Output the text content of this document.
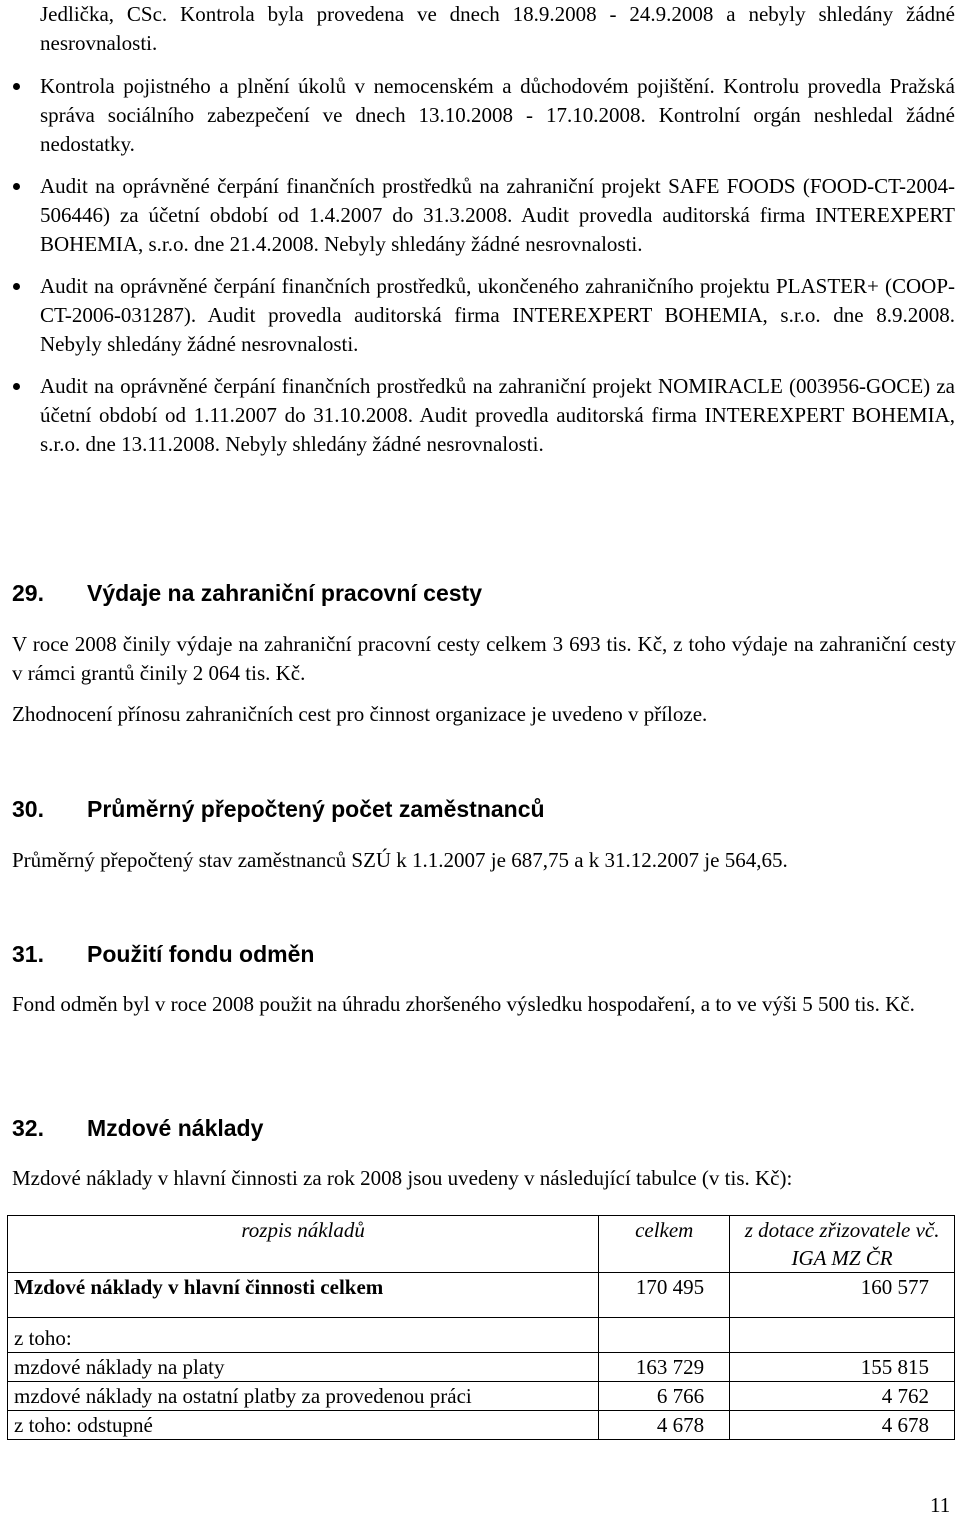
Jedlička, CSc. Kontrola byla provedena ve dnech 18.9.2008 - 24.9.2008 a nebyly shledány žádné nesrovnalosti.
Kontrola pojistného a plnění úkolů v nemocenském a důchodovém pojištění. Kontrolu provedla Pražská správa sociálního zabezpečení ve dnech 13.10.2008 - 17.10.2008. Kontrolní orgán neshledal žádné nedostatky.
Audit na oprávněné čerpání finančních prostředků na zahraniční projekt SAFE FOODS (FOOD-CT-2004-506446) za účetní období od 1.4.2007 do 31.3.2008. Audit provedla auditorská firma INTEREXPERT BOHEMIA, s.r.o. dne 21.4.2008. Nebyly shledány žádné nesrovnalosti.
Audit na oprávněné čerpání finančních prostředků, ukončeného zahraničního projektu PLASTER+ (COOP-CT-2006-031287). Audit provedla auditorská firma INTEREXPERT BOHEMIA, s.r.o. dne 8.9.2008. Nebyly shledány žádné nesrovnalosti.
Audit na oprávněné čerpání finančních prostředků na zahraniční projekt NOMIRACLE (003956-GOCE) za účetní období od 1.11.2007 do 31.10.2008. Audit provedla auditorská firma INTEREXPERT BOHEMIA, s.r.o. dne 13.11.2008. Nebyly shledány žádné nesrovnalosti.
29. Výdaje na zahraniční pracovní cesty

V roce 2008 činily výdaje na zahraniční pracovní cesty celkem 3 693 tis. Kč, z toho výdaje na zahraniční cesty v rámci grantů činily 2 064 tis. Kč.

Zhodnocení přínosu zahraničních cest pro činnost organizace je uvedeno v příloze.

30. Průměrný přepočtený počet zaměstnanců

Průměrný přepočtený stav zaměstnanců SZÚ k 1.1.2007 je 687,75 a k 31.12.2007 je 564,65.

31. Použití fondu odměn

Fond odměn byl v roce 2008 použit na úhradu zhoršeného výsledku hospodaření, a to ve výši 5 500 tis. Kč.

32. Mzdové náklady

Mzdové náklady v hlavní činnosti za rok 2008 jsou uvedeny v následující tabulce (v tis. Kč):

rozpis nákladů	celkem	z dotace zřizovatele vč. IGA MZ ČR
Mzdové náklady v hlavní činnosti celkem	170 495	160 577
z toho:		
mzdové náklady na platy	163 729	155 815
mzdové náklady na ostatní platby za provedenou práci	6 766	4 762
z toho: odstupné	4 678	4 678
11
